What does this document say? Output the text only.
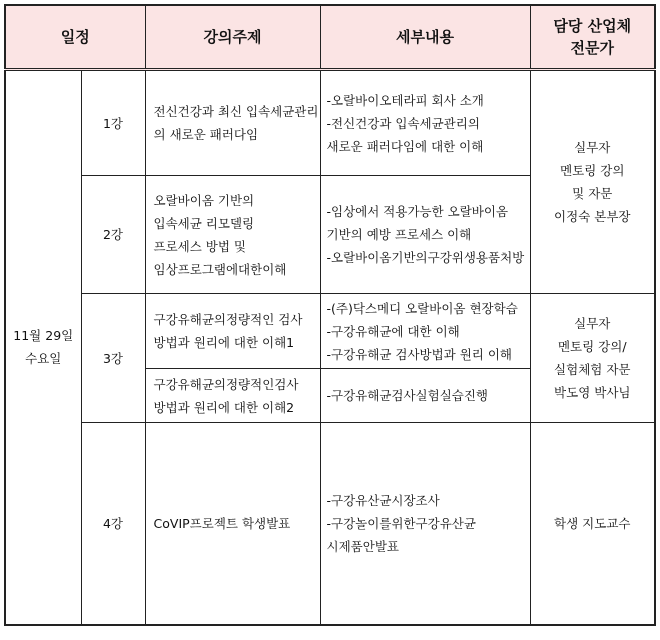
일정		강의주제	세부내용	담당 산업체
전문가

11월 29일
수요일	1강	전신건강과 최신 입속세균관리
의 새로운 패러다임	-오랄바이오테라피 회사 소개
-전신건강과 입속세균관리의
새로운 패러다임에 대한 이해	실무자
멘토링 강의
및 자문
이정숙 본부장

	2강	오랄바이옴 기반의
입속세균 리모델링
프로세스 방법 및
임상프로그램에대한이해	-임상에서 적용가능한 오랄바이옴
기반의 예방 프로세스 이해
-오랄바이옴기반의구강위생용품처방	

	3강	구강유해균의정량적인 검사
방법과 원리에 대한 이해1	-(주)닥스메디 오랄바이옴 현장학습
-구강유해균에 대한 이해
-구강유해균 검사방법과 원리 이해	실무자
멘토링 강의/
실험체험 자문
박도영 박사님

		구강유해균의정량적인검사
방법과 원리에 대한 이해2	-구강유해균검사실험실습진행	

	4강	CoVIP프로젝트 학생발표	-구강유산균시장조사
-구강놀이를위한구강유산균
시제품안발표	학생 지도교수
